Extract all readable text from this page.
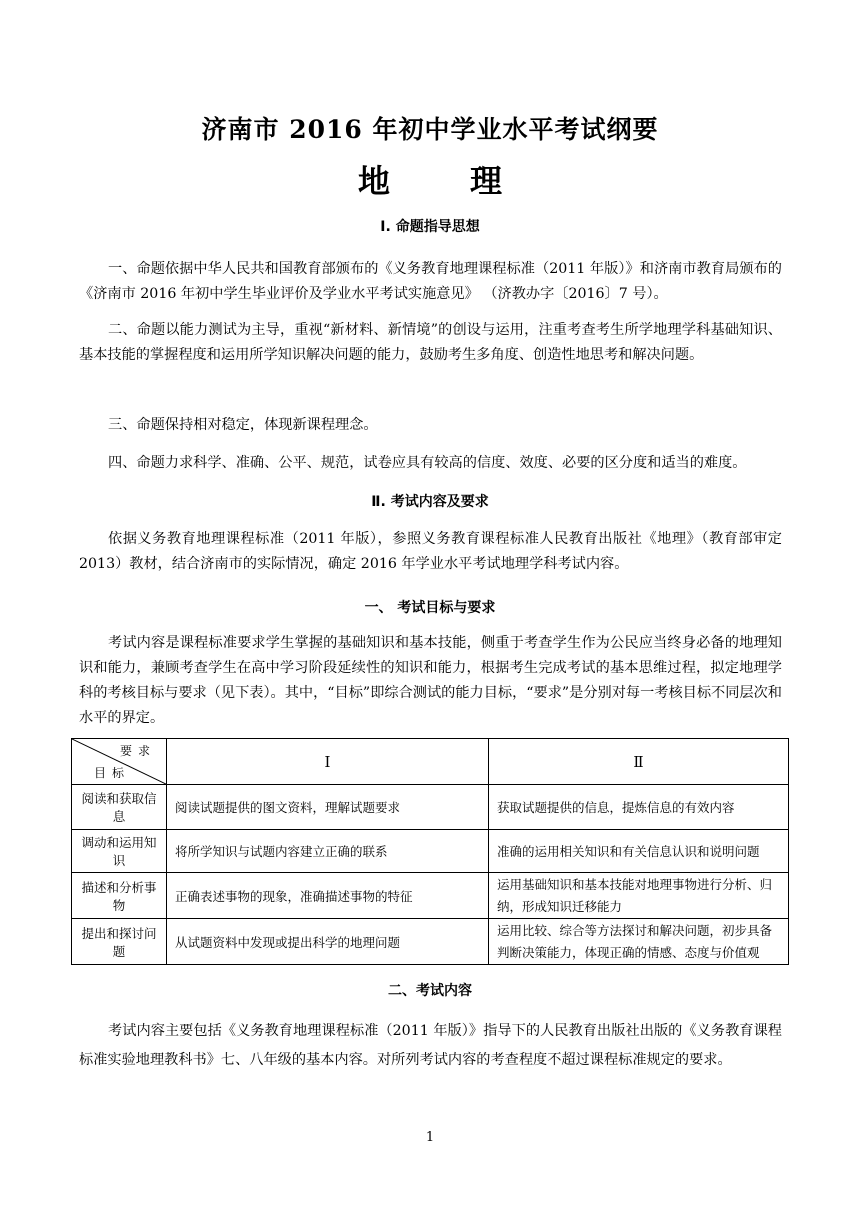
济南市 2016 年初中学业水平考试纲要
地	理
Ⅰ. 命题指导思想
一、命题依据中华人民共和国教育部颁布的《义务教育地理课程标准（2011 年版）》和济南市教育局颁布的《济南市 2016 年初中学生毕业评价及学业水平考试实施意见》 （济教办字〔2016〕7 号）。
二、命题以能力测试为主导，重视“新材料、新情境”的创设与运用，注重考查考生所学地理学科基础知识、基本技能的掌握程度和运用所学知识解决问题的能力，鼓励考生多角度、创造性地思考和解决问题。
三、命题保持相对稳定，体现新课程理念。
四、命题力求科学、准确、公平、规范，试卷应具有较高的信度、效度、必要的区分度和适当的难度。
Ⅱ. 考试内容及要求
依据义务教育地理课程标准（2011 年版），参照义务教育课程标准人民教育出版社《地理》（教育部审定 2013）教材，结合济南市的实际情况，确定 2016 年学业水平考试地理学科考试内容。
一、 考试目标与要求
考试内容是课程标准要求学生掌握的基础知识和基本技能，侧重于考查学生作为公民应当终身必备的地理知识和能力，兼顾考查学生在高中学习阶段延续性的知识和能力，根据考生完成考试的基本思维过程，拟定地理学科的考核目标与要求（见下表）。其中，“目标”即综合测试的能力目标，“要求”是分别对每一考核目标不同层次和水平的界定。
要求
目标	Ⅰ	Ⅱ
阅读和获取信息	阅读试题提供的图文资料，理解试题要求	获取试题提供的信息，提炼信息的有效内容
调动和运用知识	将所学知识与试题内容建立正确的联系	准确的运用相关知识和有关信息认识和说明问题
描述和分析事物	正确表述事物的现象，准确描述事物的特征	运用基础知识和基本技能对地理事物进行分析、归纳，形成知识迁移能力
提出和探讨问题	从试题资料中发现或提出科学的地理问题	运用比较、综合等方法探讨和解决问题，初步具备判断决策能力，体现正确的情感、态度与价值观
二、考试内容
考试内容主要包括《义务教育地理课程标准（2011 年版）》指导下的人民教育出版社出版的《义务教育课程标准实验地理教科书》七、八年级的基本内容。对所列考试内容的考查程度不超过课程标准规定的要求。
1
